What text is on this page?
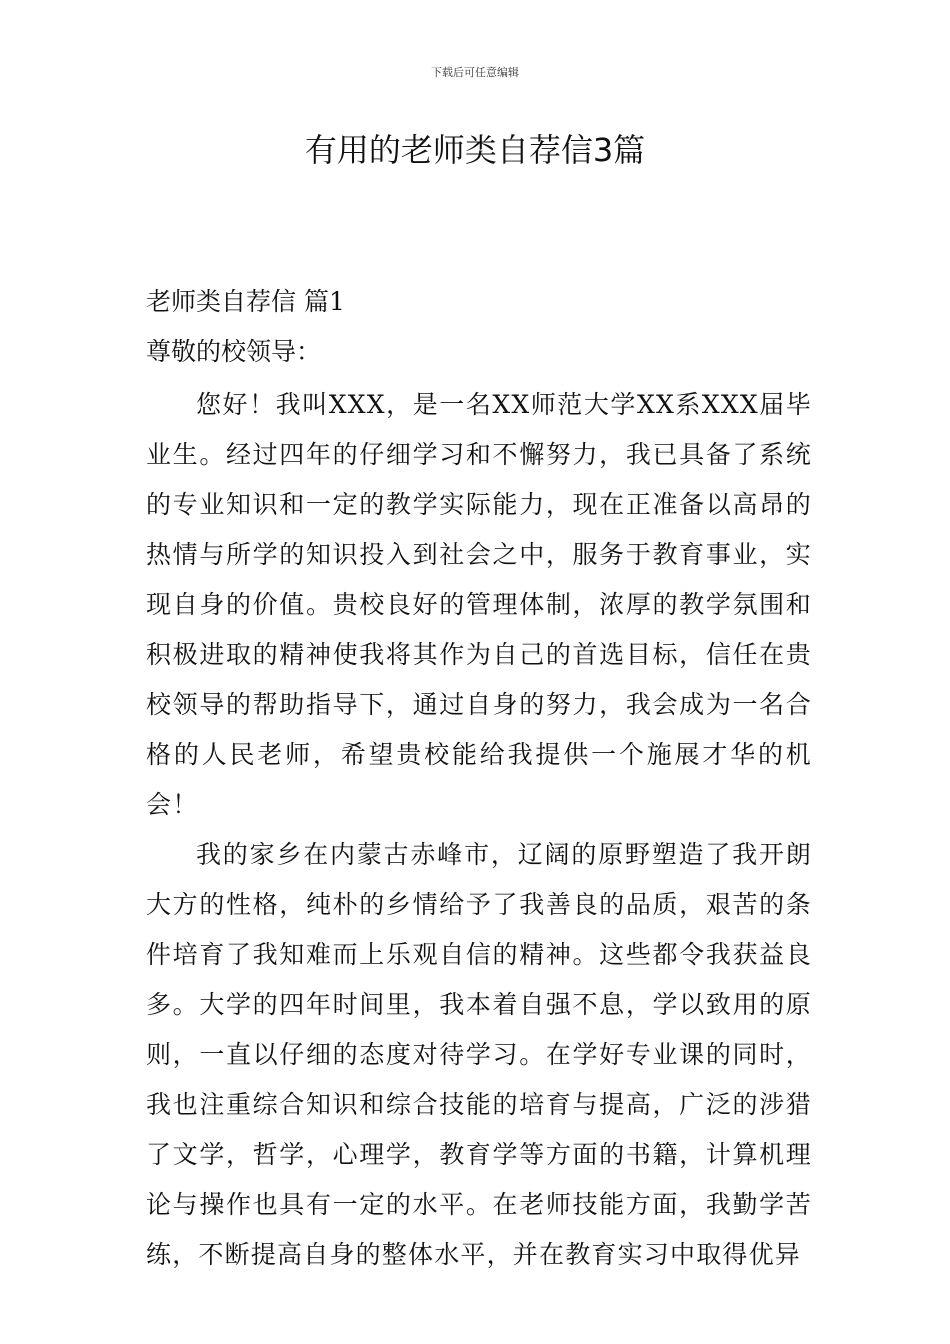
下载后可任意编辑
有用的老师类自荐信3篇
老师类自荐信 篇1
尊敬的校领导：

您好！我叫XXX，是一名XX师范大学XX系XXX届毕业生。经过四年的仔细学习和不懈努力，我已具备了系统的专业知识和一定的教学实际能力，现在正准备以高昂的热情与所学的知识投入到社会之中，服务于教育事业，实现自身的价值。贵校良好的管理体制，浓厚的教学氛围和积极进取的精神使我将其作为自己的首选目标，信任在贵校领导的帮助指导下，通过自身的努力，我会成为一名合格的人民老师，希望贵校能给我提供一个施展才华的机会！

我的家乡在内蒙古赤峰市，辽阔的原野塑造了我开朗大方的性格，纯朴的乡情给予了我善良的品质，艰苦的条件培育了我知难而上乐观自信的精神。这些都令我获益良多。大学的四年时间里，我本着自强不息，学以致用的原则，一直以仔细的态度对待学习。在学好专业课的同时，我也注重综合知识和综合技能的培育与提高，广泛的涉猎了文学，哲学，心理学，教育学等方面的书籍，计算机理论与操作也具有一定的水平。在老师技能方面，我勤学苦练，不断提高自身的整体水平，并在教育实习中取得优异
